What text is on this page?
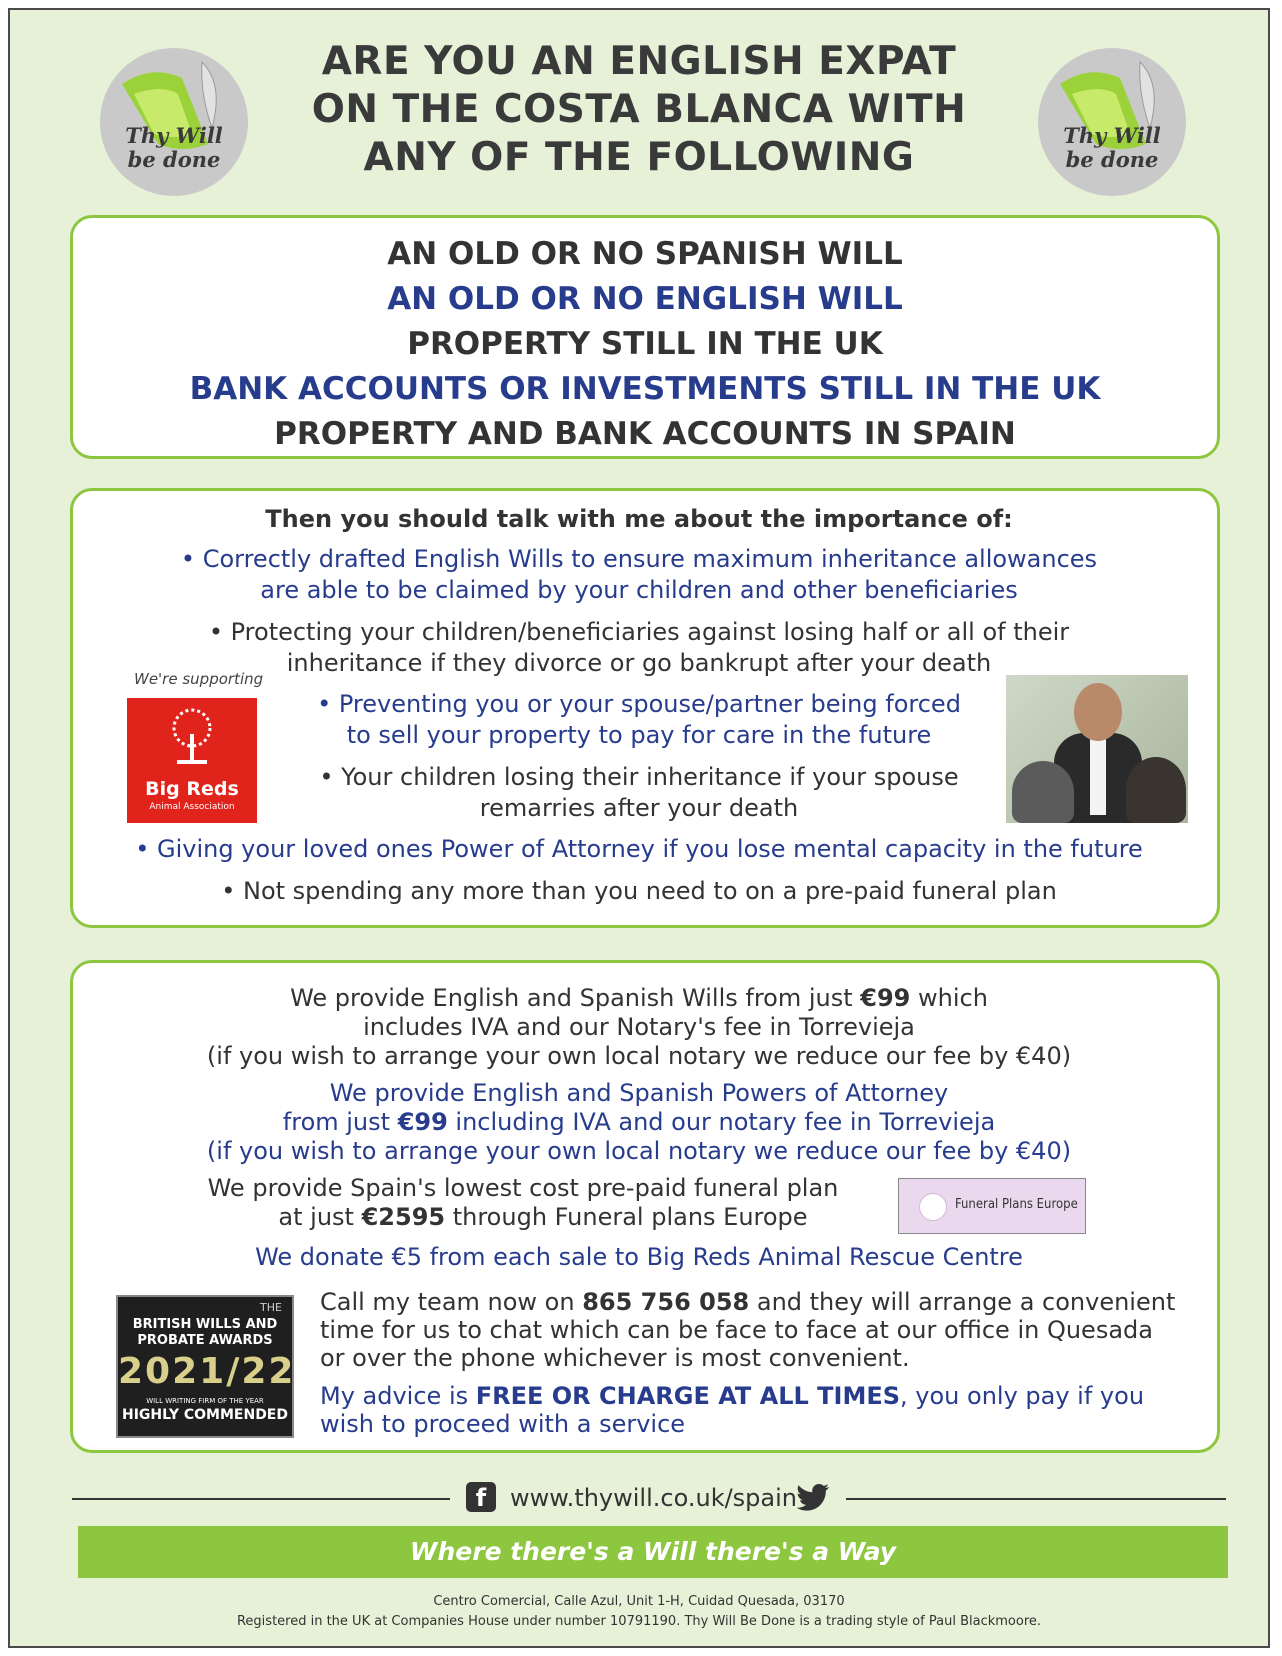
Thy Will
be done
Thy Will
be done
ARE YOU AN ENGLISH EXPAT
ON THE COSTA BLANCA WITH
ANY OF THE FOLLOWING
AN OLD OR NO SPANISH WILL
AN OLD OR NO ENGLISH WILL
PROPERTY STILL IN THE UK
BANK ACCOUNTS OR INVESTMENTS STILL IN THE UK
PROPERTY AND BANK ACCOUNTS IN SPAIN
Then you should talk with me about the importance of:
• Correctly drafted English Wills to ensure maximum inheritance allowances
are able to be claimed by your children and other beneficiaries
• Protecting your children/beneficiaries against losing half or all of their
inheritance if they divorce or go bankrupt after your death
• Preventing you or your spouse/partner being forced
to sell your property to pay for care in the future
• Your children losing their inheritance if your spouse
remarries after your death
• Giving your loved ones Power of Attorney if you lose mental capacity in the future
• Not spending any more than you need to on a pre-paid funeral plan
We're supporting
Big Reds
Animal Association
We provide English and Spanish Wills from just €99 which
includes IVA and our Notary's fee in Torrevieja
(if you wish to arrange your own local notary we reduce our fee by €40)
We provide English and Spanish Powers of Attorney
from just €99 including IVA and our notary fee in Torrevieja
(if you wish to arrange your own local notary we reduce our fee by €40)
We provide Spain's lowest cost pre-paid funeral plan
at just €2595 through Funeral plans Europe	Funeral Plans Europe
We donate €5 from each sale to Big Reds Animal Rescue Centre
THE
BRITISH WILLS AND
PROBATE AWARDS
2021/22
WILL WRITING FIRM OF THE YEAR
HIGHLY COMMENDED
Call my team now on 865 756 058 and they will arrange a convenient
time for us to chat which can be face to face at our office in Quesada
or over the phone whichever is most convenient.
My advice is FREE OR CHARGE AT ALL TIMES, you only pay if you
wish to proceed with a service
f www.thywill.co.uk/spain
Where there's a Will there's a Way
Centro Comercial, Calle Azul, Unit 1-H, Cuidad Quesada, 03170
Registered in the UK at Companies House under number 10791190. Thy Will Be Done is a trading style of Paul Blackmoore.
